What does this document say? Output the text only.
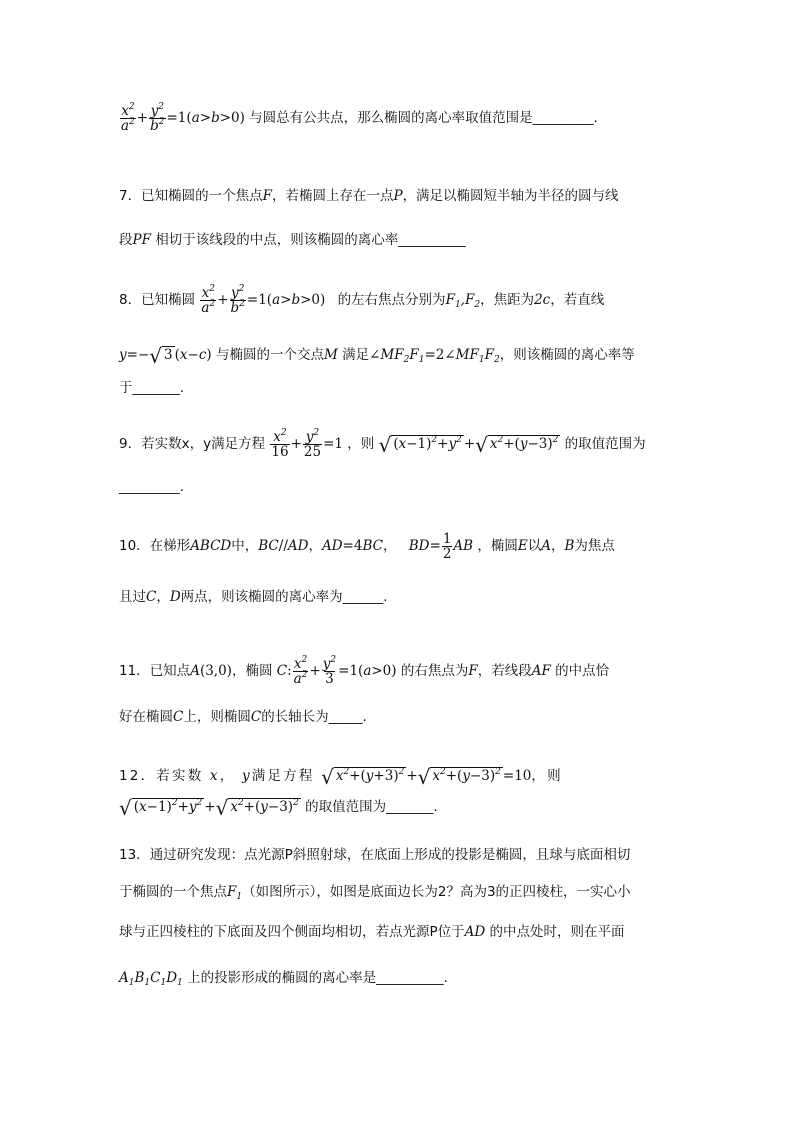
$\frac{x^2}{a^2} + \frac{y^2}{b^2} =1(a>b>0)$ 与圆总有公共点，那么椭圆的离心率取值范围是_________.
7．已知椭圆的一个焦点F，若椭圆上存在一点P，满足以椭圆短半轴为半径的圆与线
段PF 相切于该线段的中点，则该椭圆的离心率__________
8．已知椭圆 $\frac{x^2}{a^2} + \frac{y^2}{b^2} =1(a>b>0)$ 的左右焦点分别为$F_1,F_2$，焦距为2c，若直线
y=−√ 3 (x−c) 与椭圆的一个交点M 满足$\angle MF_2F_1=2\angle MF_1F_2$，则该椭圆的离心率等
于_______.
9．若实数x，y满足方程 $\frac{x^2}{16} + \frac{y^2}{25} =1$ ，则 √ $(x-1)^2+y^2$ +√ $x^2+(y-3)^2$ 的取值范围为
_________.
10．在梯形ABCD中，BC//AD，AD=4BC， $BD= \frac{1}{2}$ AB ，椭圆E以A，B为焦点
且过C，D两点，则该椭圆的离心率为______.
11．已知点A(3,0)，椭圆 C: $\frac{x^2}{a^2} + \frac{y^2}{3} =1(a>0)$ 的右焦点为F，若线段AF 的中点恰
好在椭圆C上，则椭圆C的长轴长为_____.
12．若实数 x， y满足方程 √ $x^2+(y+3)^2$ +√ $x^2+(y-3)^2 =10$，则
√ $(x-1)^2+y^2$ +√ $x^2+(y-3)^2$ 的取值范围为_______.
13．通过研究发现：点光源P斜照射球，在底面上形成的投影是椭圆，且球与底面相切
于椭圆的一个焦点$F_1$（如图所示），如图是底面边长为2？高为3的正四棱柱，一实心小
球与正四棱柱的下底面及四个侧面均相切，若点光源P位于AD 的中点处时，则在平面
$A_1B_1C_1D_1$ 上的投影形成的椭圆的离心率是__________.
